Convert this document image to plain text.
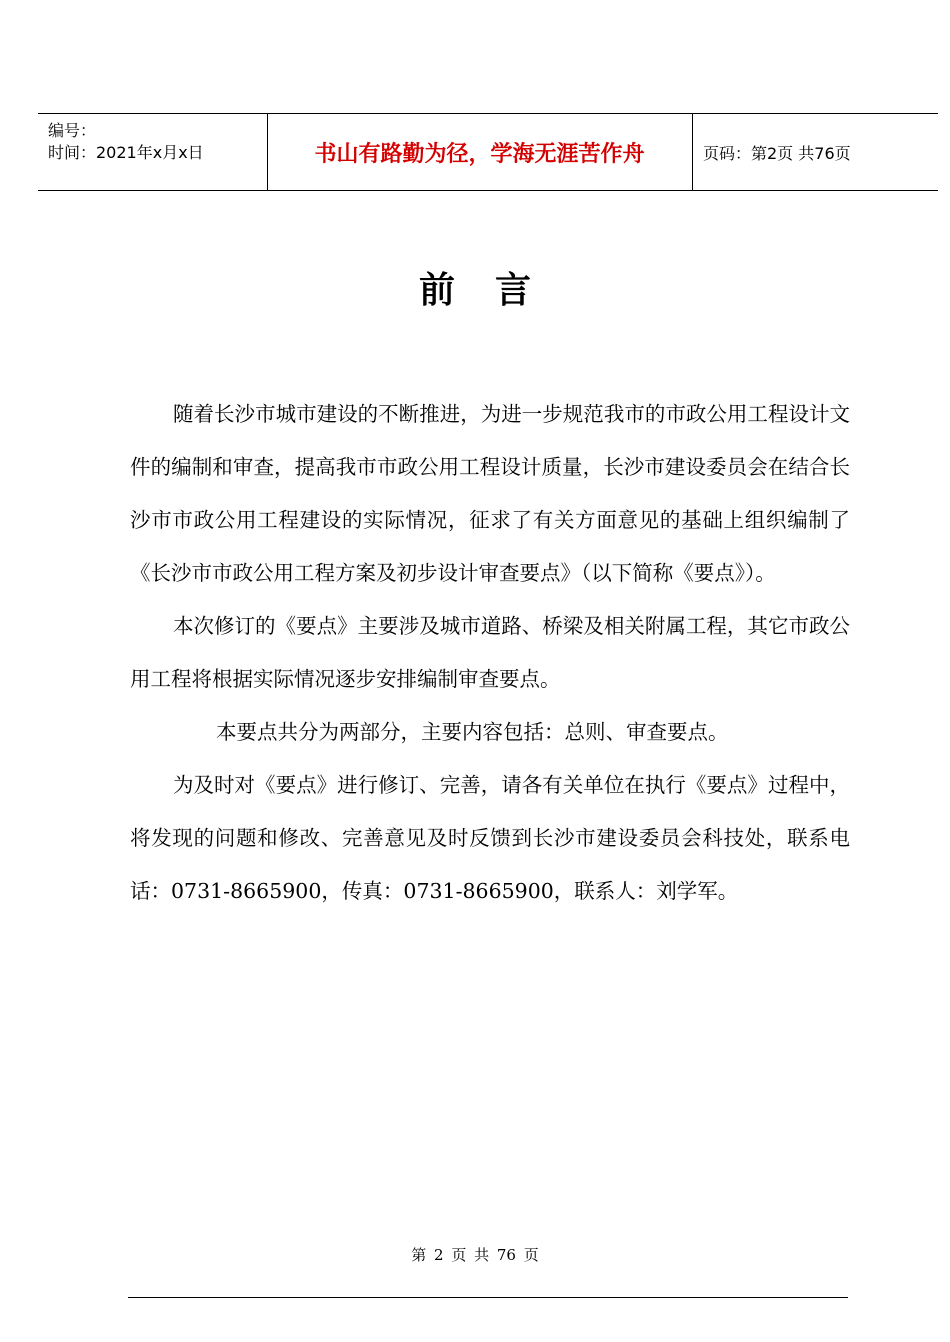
编号：
时间：2021年x月x日	书山有路勤为径，学海无涯苦作舟	页码：第2页 共76页
前言

随着长沙市城市建设的不断推进，为进一步规范我市的市政公用工程设计文件的编制和审查，提高我市市政公用工程设计质量，长沙市建设委员会在结合长沙市市政公用工程建设的实际情况，征求了有关方面意见的基础上组织编制了《长沙市市政公用工程方案及初步设计审查要点》（以下简称《要点》）。

本次修订的《要点》主要涉及城市道路、桥梁及相关附属工程，其它市政公用工程将根据实际情况逐步安排编制审查要点。

本要点共分为两部分，主要内容包括：总则、审查要点。

为及时对《要点》进行修订、完善，请各有关单位在执行《要点》过程中，将发现的问题和修改、完善意见及时反馈到长沙市建设委员会科技处，联系电话：0731-8665900，传真：0731-8665900，联系人：刘学军。

第 2 页 共 76 页
